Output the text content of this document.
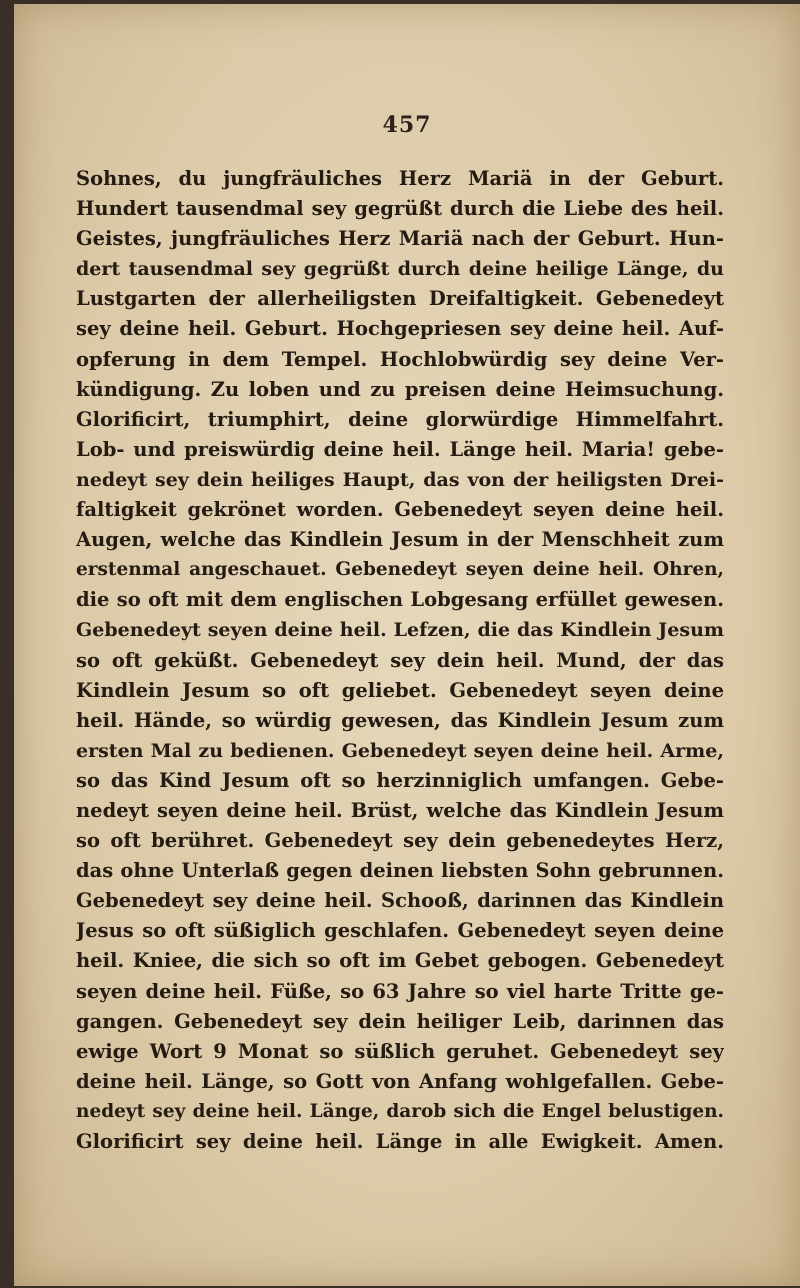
457
Sohnes, du jungfräuliches Herz Mariä in der Geburt.
Hundert tausendmal sey gegrüßt durch die Liebe des heil.
Geistes, jungfräuliches Herz Mariä nach der Geburt. Hun-
dert tausendmal sey gegrüßt durch deine heilige Länge, du
Lustgarten der allerheiligsten Dreifaltigkeit. Gebenedeyt
sey deine heil. Geburt. Hochgepriesen sey deine heil. Auf-
opferung in dem Tempel. Hochlobwürdig sey deine Ver-
kündigung. Zu loben und zu preisen deine Heimsuchung.
Glorificirt, triumphirt, deine glorwürdige Himmelfahrt.
Lob- und preiswürdig deine heil. Länge heil. Maria! gebe-
nedeyt sey dein heiliges Haupt, das von der heiligsten Drei-
faltigkeit gekrönet worden. Gebenedeyt seyen deine heil.
Augen, welche das Kindlein Jesum in der Menschheit zum
erstenmal angeschauet. Gebenedeyt seyen deine heil. Ohren,
die so oft mit dem englischen Lobgesang erfüllet gewesen.
Gebenedeyt seyen deine heil. Lefzen, die das Kindlein Jesum
so oft geküßt. Gebenedeyt sey dein heil. Mund, der das
Kindlein Jesum so oft geliebet. Gebenedeyt seyen deine
heil. Hände, so würdig gewesen, das Kindlein Jesum zum
ersten Mal zu bedienen. Gebenedeyt seyen deine heil. Arme,
so das Kind Jesum oft so herzinniglich umfangen. Gebe-
nedeyt seyen deine heil. Brüst, welche das Kindlein Jesum
so oft berühret. Gebenedeyt sey dein gebenedeytes Herz,
das ohne Unterlaß gegen deinen liebsten Sohn gebrunnen.
Gebenedeyt sey deine heil. Schooß, darinnen das Kindlein
Jesus so oft süßiglich geschlafen. Gebenedeyt seyen deine
heil. Kniee, die sich so oft im Gebet gebogen. Gebenedeyt
seyen deine heil. Füße, so 63 Jahre so viel harte Tritte ge-
gangen. Gebenedeyt sey dein heiliger Leib, darinnen das
ewige Wort 9 Monat so süßlich geruhet. Gebenedeyt sey
deine heil. Länge, so Gott von Anfang wohlgefallen. Gebe-
nedeyt sey deine heil. Länge, darob sich die Engel belustigen.
Glorificirt sey deine heil. Länge in alle Ewigkeit. Amen.
